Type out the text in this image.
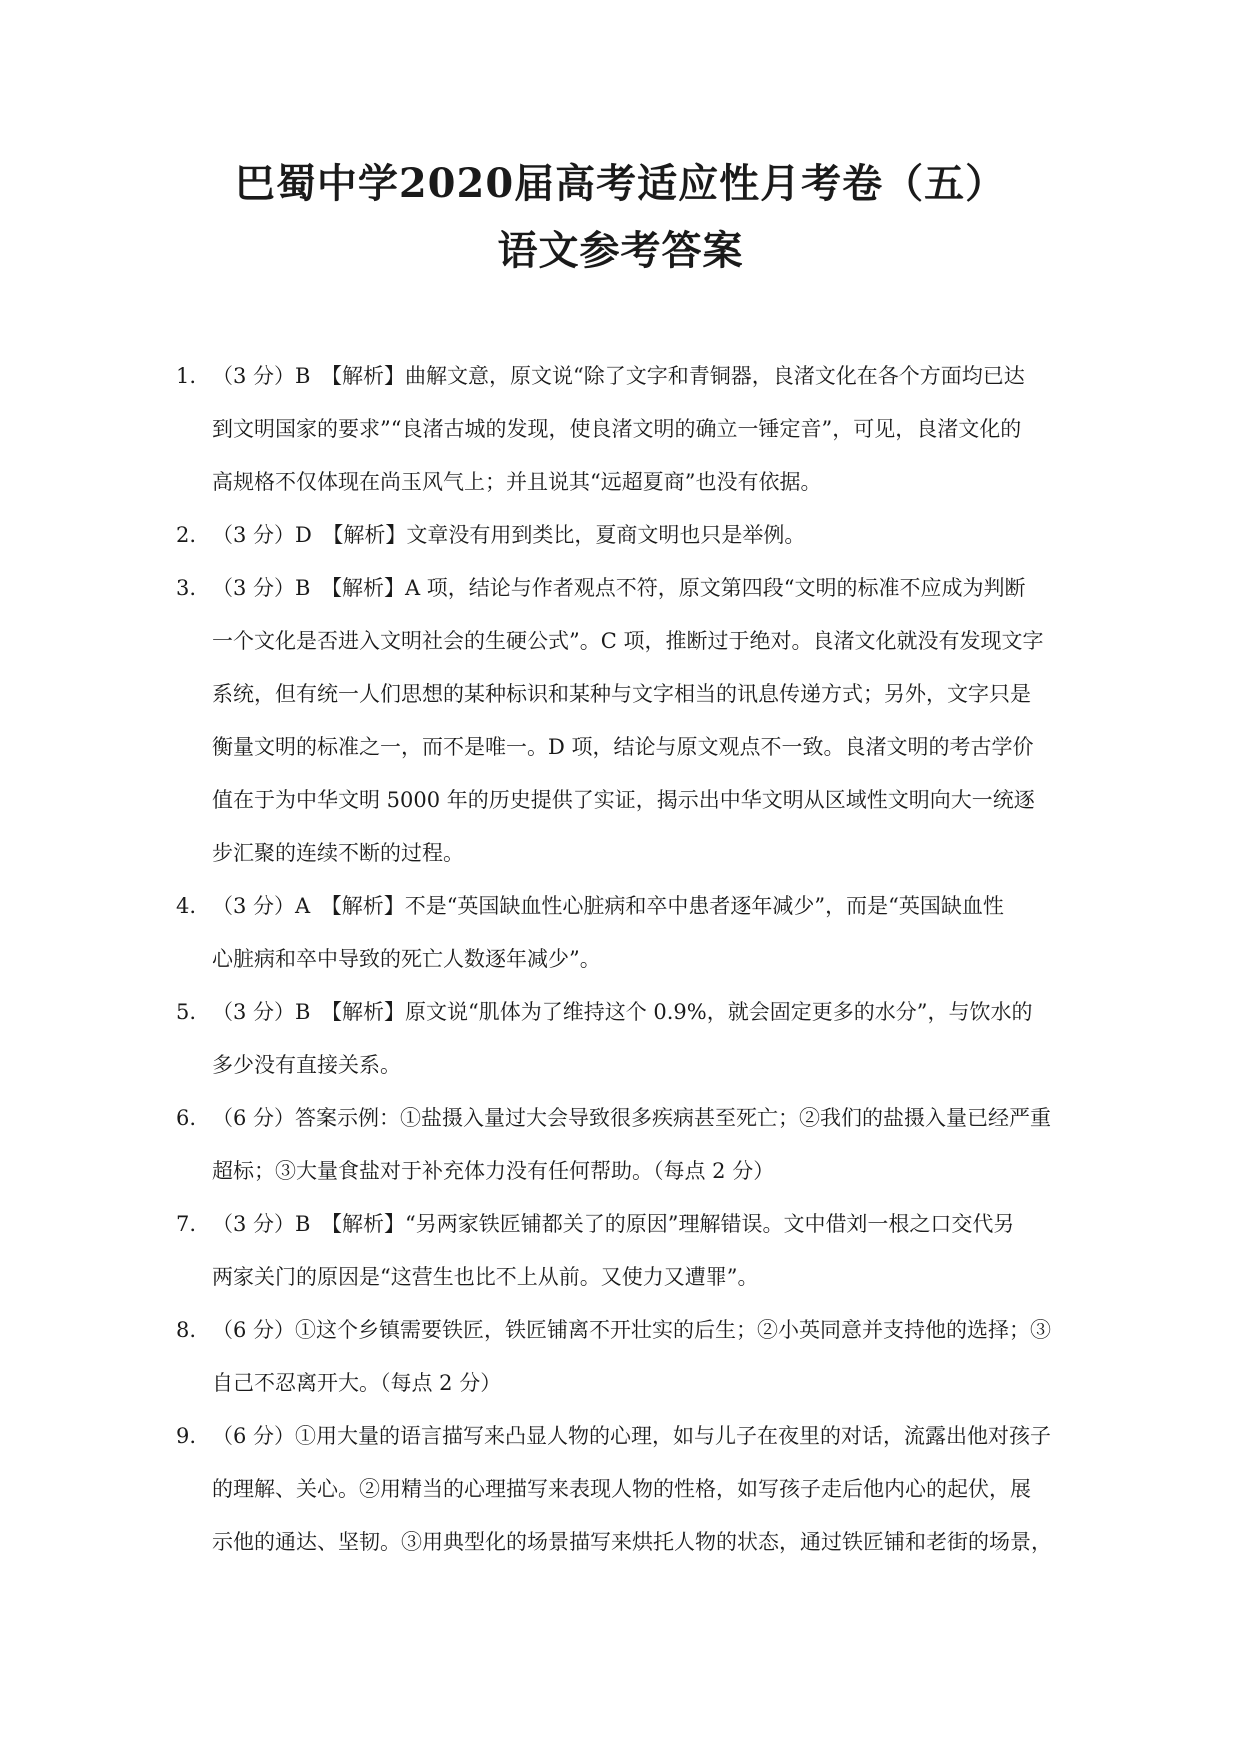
巴蜀中学2020届高考适应性月考卷（五）
语文参考答案
1. （3 分）B　【解析】曲解文意，原文说“除了文字和青铜器，良渚文化在各个方面均已达
到文明国家的要求”“良渚古城的发现，使良渚文明的确立一锤定音”，可见，良渚文化的
高规格不仅体现在尚玉风气上；并且说其“远超夏商”也没有依据。
2. （3 分）D　【解析】文章没有用到类比，夏商文明也只是举例。
3. （3 分）B　【解析】A 项，结论与作者观点不符，原文第四段“文明的标准不应成为判断
一个文化是否进入文明社会的生硬公式”。C 项，推断过于绝对。良渚文化就没有发现文字
系统，但有统一人们思想的某种标识和某种与文字相当的讯息传递方式；另外，文字只是
衡量文明的标准之一，而不是唯一。D 项，结论与原文观点不一致。良渚文明的考古学价
值在于为中华文明 5000 年的历史提供了实证，揭示出中华文明从区域性文明向大一统逐
步汇聚的连续不断的过程。
4. （3 分）A　【解析】不是“英国缺血性心脏病和卒中患者逐年减少”，而是“英国缺血性
心脏病和卒中导致的死亡人数逐年减少”。
5. （3 分）B　【解析】原文说“肌体为了维持这个 0.9%，就会固定更多的水分”，与饮水的
多少没有直接关系。
6. （6 分）答案示例：①盐摄入量过大会导致很多疾病甚至死亡；②我们的盐摄入量已经严重
超标；③大量食盐对于补充体力没有任何帮助。（每点 2 分）
7. （3 分）B　【解析】“另两家铁匠铺都关了的原因”理解错误。文中借刘一根之口交代另
两家关门的原因是“这营生也比不上从前。又使力又遭罪”。
8. （6 分）①这个乡镇需要铁匠，铁匠铺离不开壮实的后生；②小英同意并支持他的选择；③
自己不忍离开大。（每点 2 分）
9. （6 分）①用大量的语言描写来凸显人物的心理，如与儿子在夜里的对话，流露出他对孩子
的理解、关心。②用精当的心理描写来表现人物的性格，如写孩子走后他内心的起伏，展
示他的通达、坚韧。③用典型化的场景描写来烘托人物的状态，通过铁匠铺和老街的场景，
